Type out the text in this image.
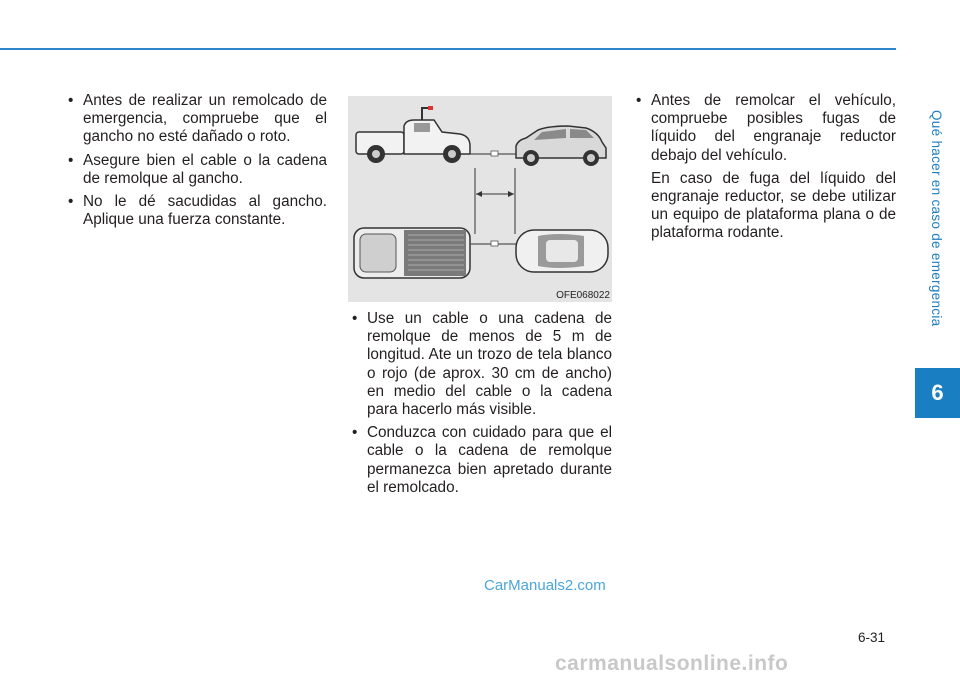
Qué hacer en caso de emergencia
6
• Antes de realizar un remolcado de emergencia, compruebe que el gancho no esté dañado o roto.
• Asegure bien el cable o la cadena de remolque al gancho.
• No le dé sacudidas al gancho. Aplique una fuerza constante.
OFE068022
• Use un cable o una cadena de remolque de menos de 5 m de longitud. Ate un trozo de tela blanco o rojo (de aprox. 30 cm de ancho) en medio del cable o la cadena para hacerlo más visible.
• Conduzca con cuidado para que el cable o la cadena de remolque permanezca bien apretado durante el remolcado.
• Antes de remolcar el vehículo, compruebe posibles fugas de líquido del engranaje reductor debajo del vehículo.

En caso de fuga del líquido del engranaje reductor, se debe utilizar un equipo de plataforma plana o de plataforma rodante.

CarManuals2.com
6-31
carmanualsonline.info
